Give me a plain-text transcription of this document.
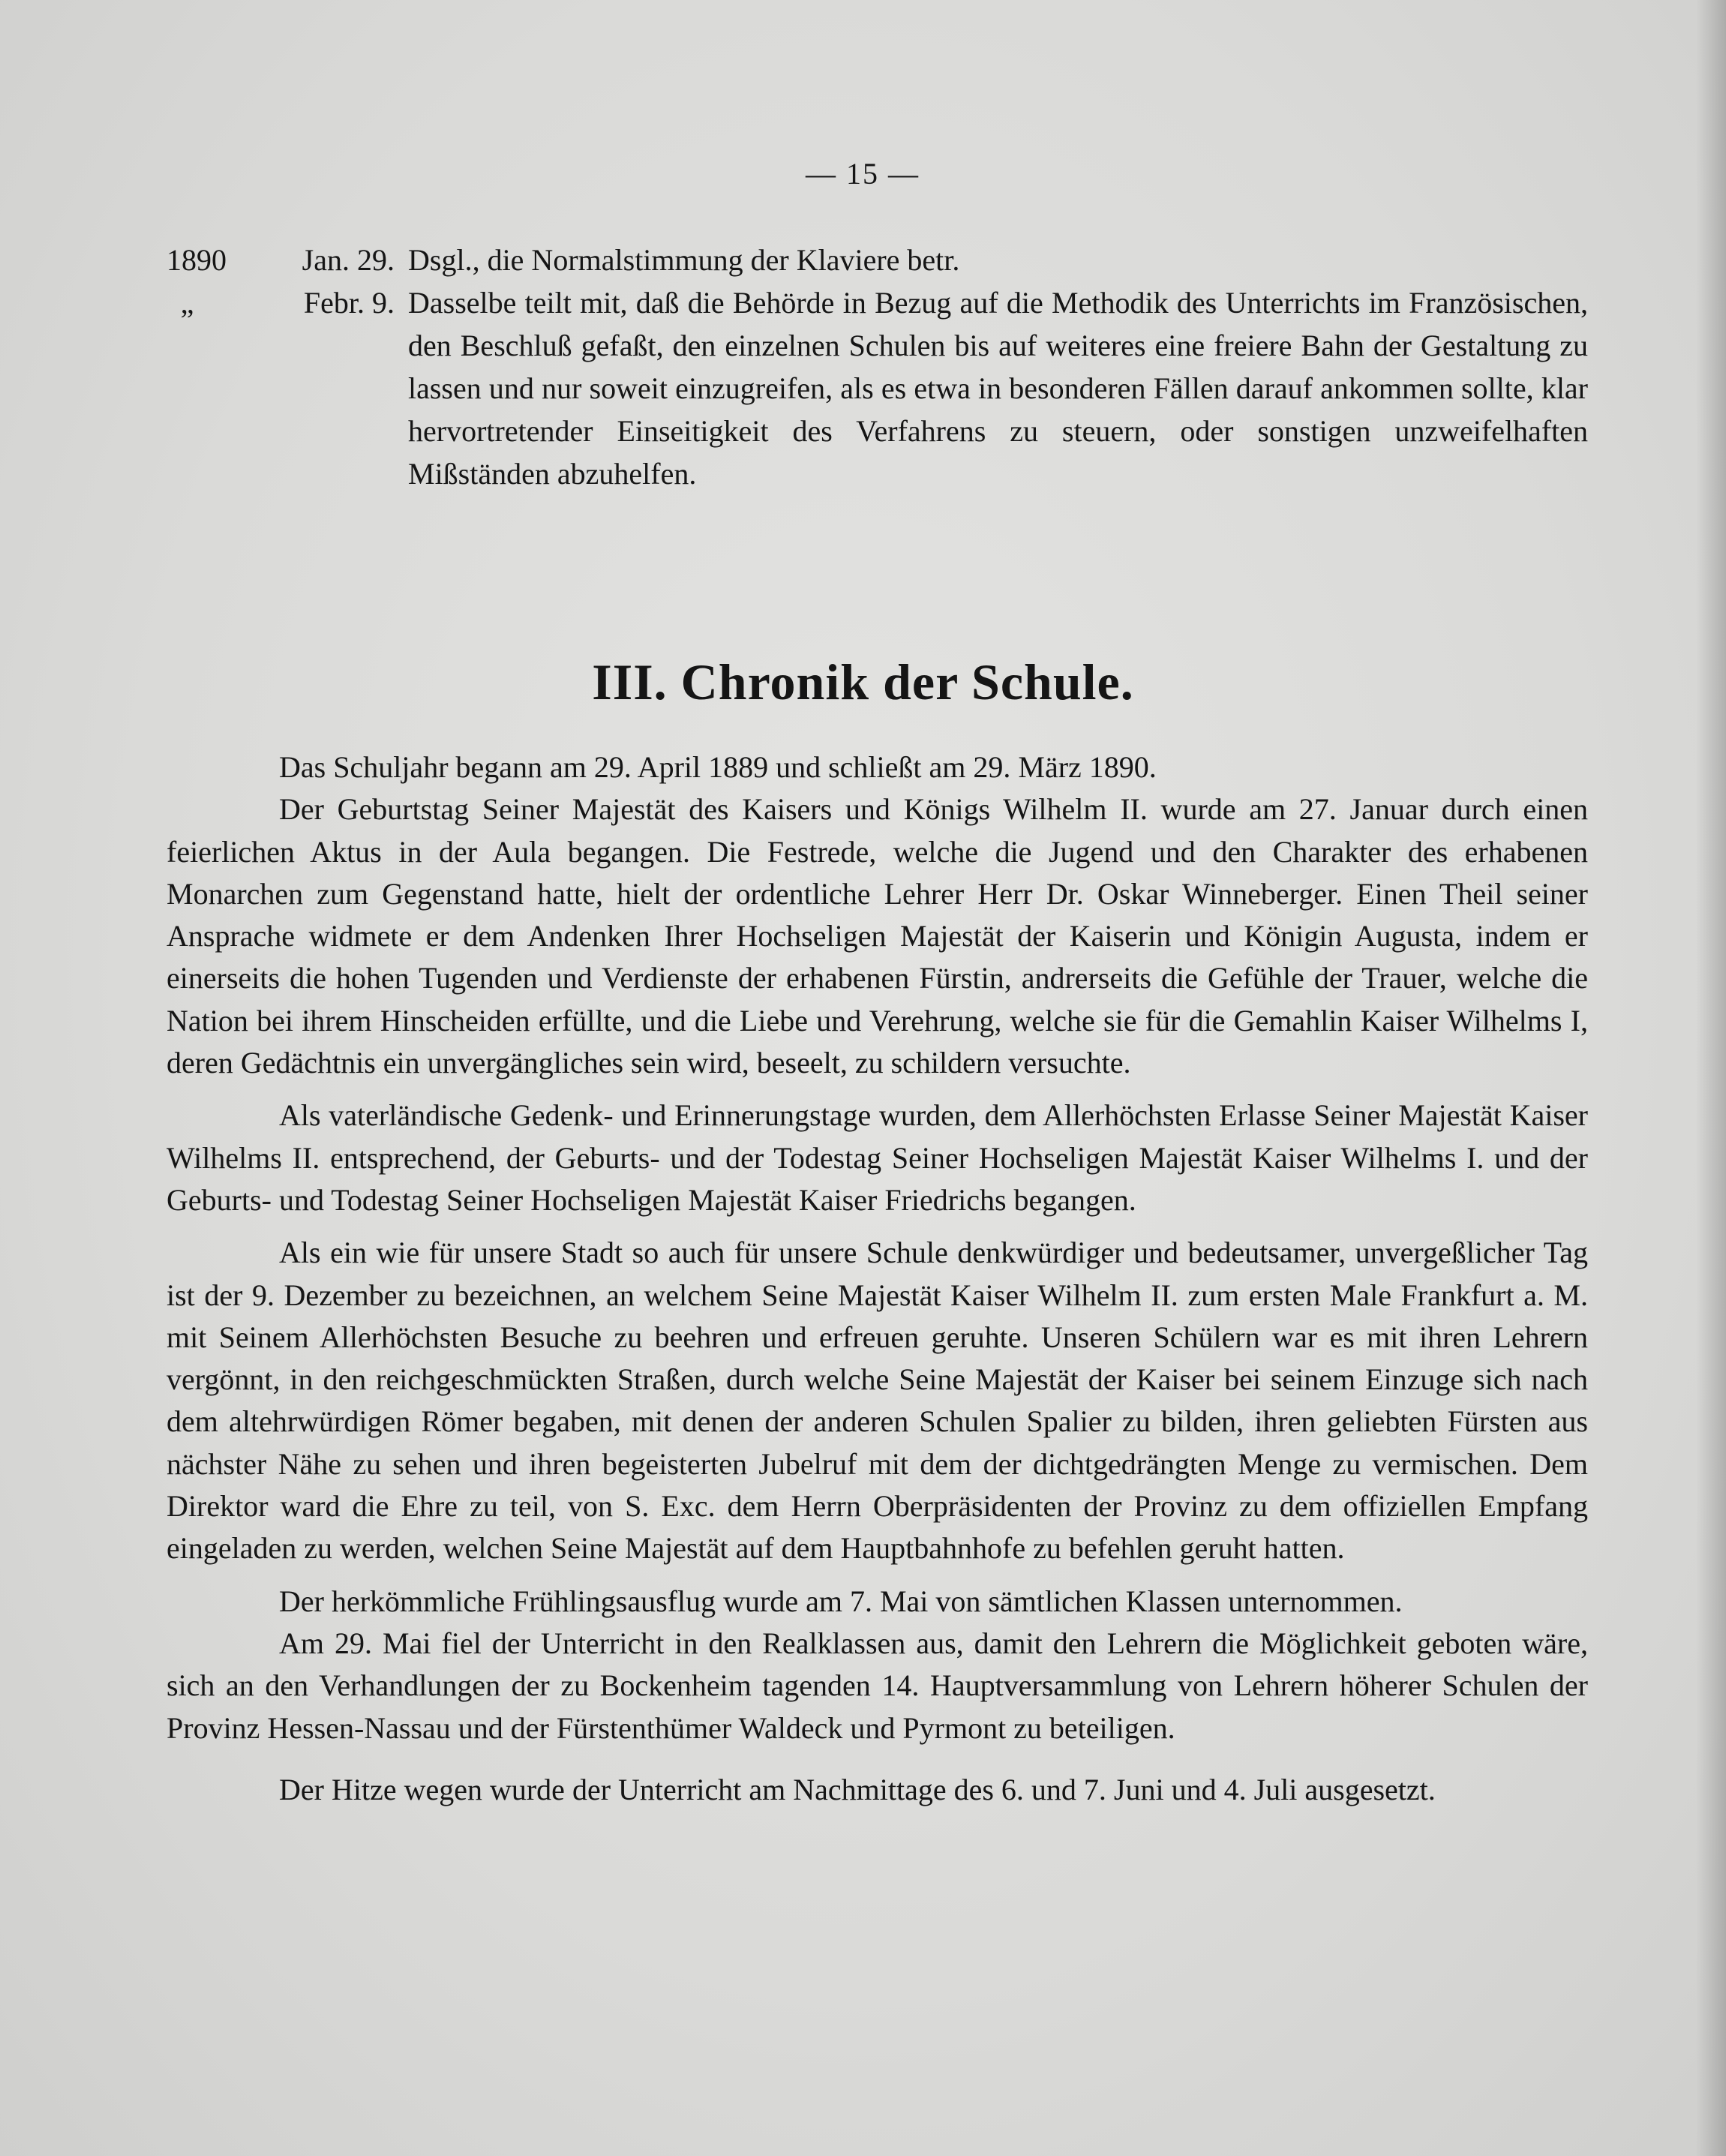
— 15 —
1890	Jan. 29. Dsgl., die Normalstimmung der Klaviere betr.
„	Febr. 9. Dasselbe teilt mit, daß die Behörde in Bezug auf die Methodik des Unterrichts im Französischen, den Beschluß gefaßt, den einzelnen Schulen bis auf weiteres eine freiere Bahn der Gestaltung zu lassen und nur soweit einzugreifen, als es etwa in besonderen Fällen darauf ankommen sollte, klar hervortretender Einseitigkeit des Verfahrens zu steuern, oder sonstigen unzweifelhaften Mißständen abzuhelfen.
III. Chronik der Schule.

Das Schuljahr begann am 29. April 1889 und schließt am 29. März 1890.

Der Geburtstag Seiner Majestät des Kaisers und Königs Wilhelm II. wurde am 27. Januar durch einen feierlichen Aktus in der Aula begangen. Die Festrede, welche die Jugend und den Charakter des erhabenen Monarchen zum Gegenstand hatte, hielt der ordentliche Lehrer Herr Dr. Oskar Winneberger. Einen Theil seiner Ansprache widmete er dem Andenken Ihrer Hochseligen Majestät der Kaiserin und Königin Augusta, indem er einerseits die hohen Tugenden und Verdienste der erhabenen Fürstin, andrerseits die Gefühle der Trauer, welche die Nation bei ihrem Hinscheiden erfüllte, und die Liebe und Verehrung, welche sie für die Gemahlin Kaiser Wilhelms I, deren Gedächtnis ein unvergängliches sein wird, beseelt, zu schildern versuchte.

Als vaterländische Gedenk- und Erinnerungstage wurden, dem Allerhöchsten Erlasse Seiner Majestät Kaiser Wilhelms II. entsprechend, der Geburts- und der Todestag Seiner Hochseligen Majestät Kaiser Wilhelms I. und der Geburts- und Todestag Seiner Hochseligen Majestät Kaiser Friedrichs begangen.

Als ein wie für unsere Stadt so auch für unsere Schule denkwürdiger und bedeutsamer, unvergeßlicher Tag ist der 9. Dezember zu bezeichnen, an welchem Seine Majestät Kaiser Wilhelm II. zum ersten Male Frankfurt a. M. mit Seinem Allerhöchsten Besuche zu beehren und erfreuen geruhte. Unseren Schülern war es mit ihren Lehrern vergönnt, in den reichgeschmückten Straßen, durch welche Seine Majestät der Kaiser bei seinem Einzuge sich nach dem altehrwürdigen Römer begaben, mit denen der anderen Schulen Spalier zu bilden, ihren geliebten Fürsten aus nächster Nähe zu sehen und ihren begeisterten Jubelruf mit dem der dichtgedrängten Menge zu vermischen. Dem Direktor ward die Ehre zu teil, von S. Exc. dem Herrn Oberpräsidenten der Provinz zu dem offiziellen Empfang eingeladen zu werden, welchen Seine Majestät auf dem Hauptbahnhofe zu befehlen geruht hatten.

Der herkömmliche Frühlingsausflug wurde am 7. Mai von sämtlichen Klassen unternommen.

Am 29. Mai fiel der Unterricht in den Realklassen aus, damit den Lehrern die Möglichkeit geboten wäre, sich an den Verhandlungen der zu Bockenheim tagenden 14. Hauptversammlung von Lehrern höherer Schulen der Provinz Hessen-Nassau und der Fürstenthümer Waldeck und Pyrmont zu beteiligen.

Der Hitze wegen wurde der Unterricht am Nachmittage des 6. und 7. Juni und 4. Juli ausgesetzt.
